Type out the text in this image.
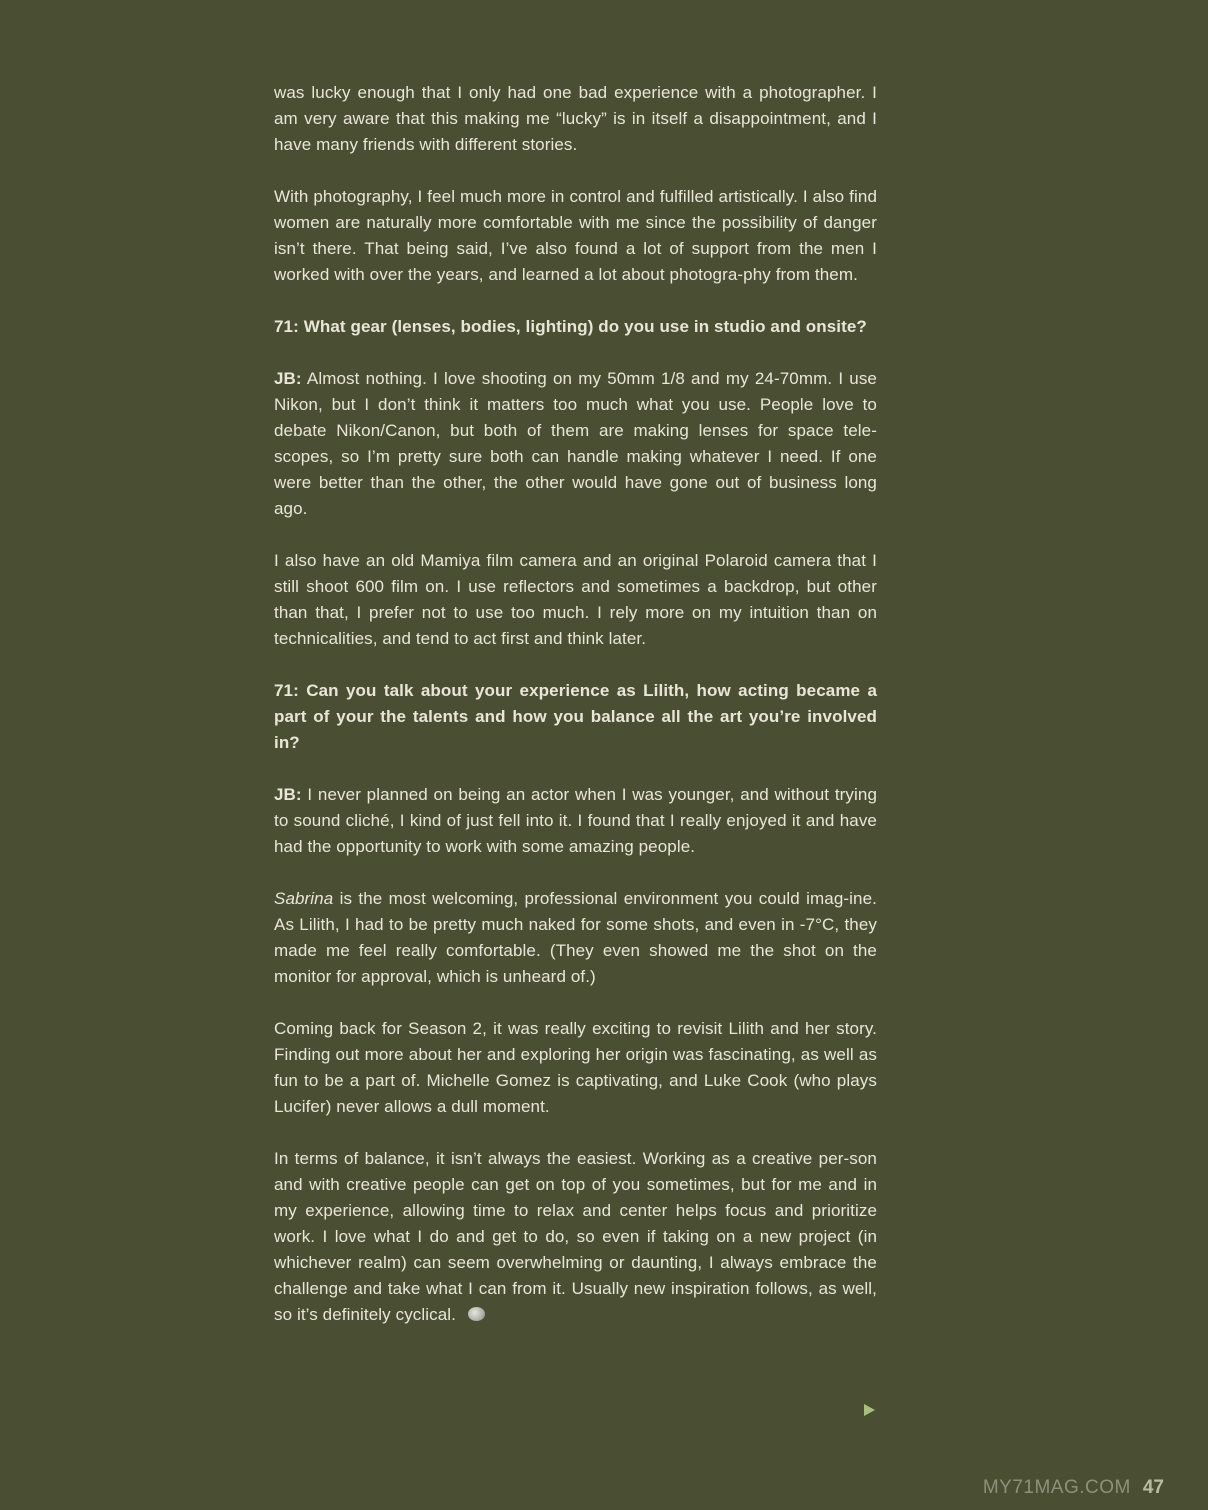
was lucky enough that I only had one bad experience with a photographer. I am very aware that this making me “lucky” is in itself a disappointment, and I have many friends with different stories.

With photography, I feel much more in control and fulfilled artistically. I also find women are naturally more comfortable with me since the possibility of danger isn’t there. That being said, I’ve also found a lot of support from the men I worked with over the years, and learned a lot about photogra-phy from them.

71: What gear (lenses, bodies, lighting) do you use in studio and onsite?

JB: Almost nothing. I love shooting on my 50mm 1/8 and my 24-70mm. I use Nikon, but I don’t think it matters too much what you use. People love to debate Nikon/Canon, but both of them are making lenses for space tele-scopes, so I’m pretty sure both can handle making whatever I need. If one were better than the other, the other would have gone out of business long ago.

I also have an old Mamiya film camera and an original Polaroid camera that I still shoot 600 film on. I use reflectors and sometimes a backdrop, but other than that, I prefer not to use too much. I rely more on my intuition than on technicalities, and tend to act first and think later.

71: Can you talk about your experience as Lilith, how acting became a part of your the talents and how you balance all the art you’re involved in?

JB: I never planned on being an actor when I was younger, and without trying to sound cliché, I kind of just fell into it. I found that I really enjoyed it and have had the opportunity to work with some amazing people.

Sabrina is the most welcoming, professional environment you could imag-ine. As Lilith, I had to be pretty much naked for some shots, and even in -7°C, they made me feel really comfortable. (They even showed me the shot on the monitor for approval, which is unheard of.)

Coming back for Season 2, it was really exciting to revisit Lilith and her story. Finding out more about her and exploring her origin was fascinating, as well as fun to be a part of. Michelle Gomez is captivating, and Luke Cook (who plays Lucifer) never allows a dull moment.

In terms of balance, it isn’t always the easiest. Working as a creative per-son and with creative people can get on top of you sometimes, but for me and in my experience, allowing time to relax and center helps focus and prioritize work. I love what I do and get to do, so even if taking on a new project (in whichever realm) can seem overwhelming or daunting, I always embrace the challenge and take what I can from it. Usually new inspiration follows, as well, so it’s definitely cyclical.

MY71MAG.COM 47
